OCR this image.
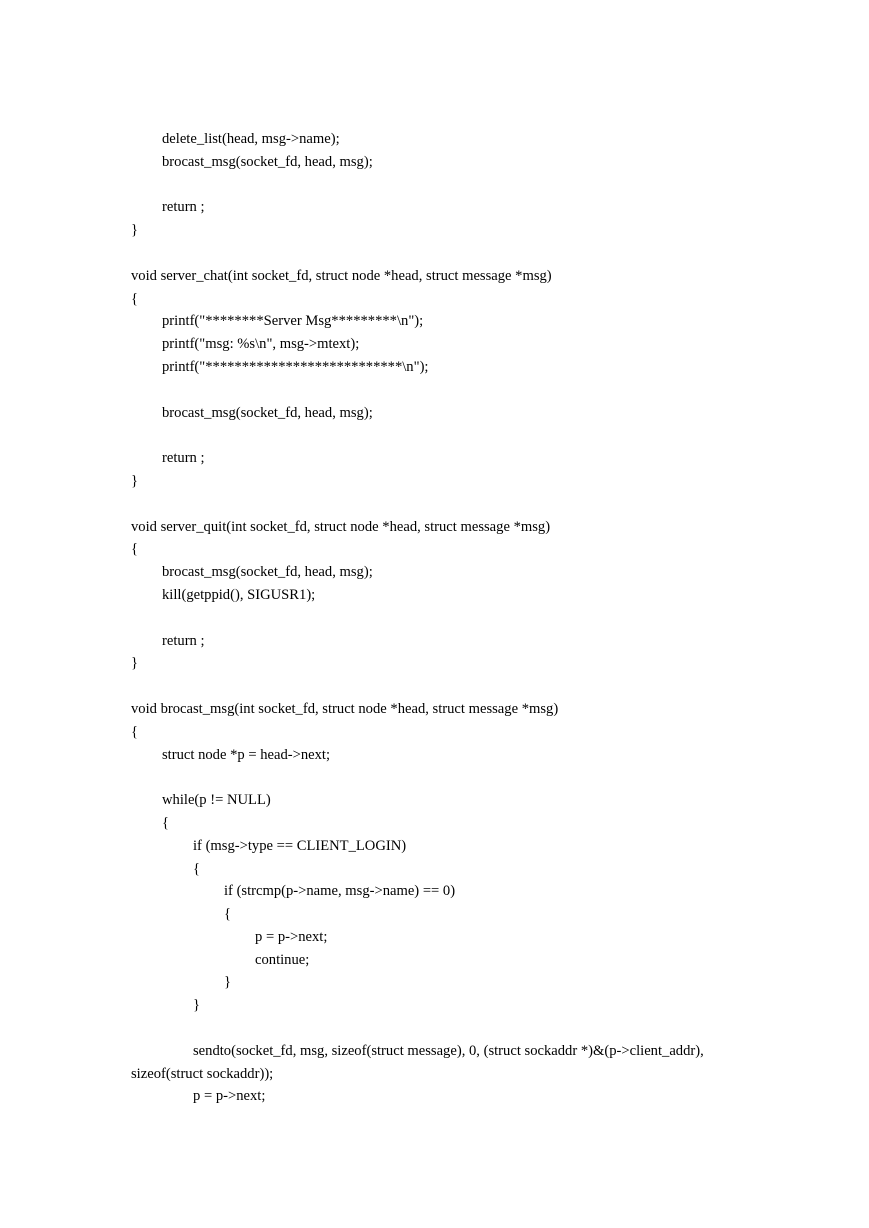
delete_list(head, msg->name);
brocast_msg(socket_fd, head, msg);
return ;
}
void server_chat(int socket_fd, struct node *head, struct message *msg)
{
printf("********Server Msg*********\n");
printf("msg: %s\n", msg->mtext);
printf("***************************\n");
brocast_msg(socket_fd, head, msg);
return ;
}
void server_quit(int socket_fd, struct node *head, struct message *msg)
{
brocast_msg(socket_fd, head, msg);
kill(getppid(), SIGUSR1);
return ;
}
void brocast_msg(int socket_fd, struct node *head, struct message *msg)
{
struct node *p = head->next;
while(p != NULL)
{
if (msg->type == CLIENT_LOGIN)
{
if (strcmp(p->name, msg->name) == 0)
{
p = p->next;
continue;
}
}
sendto(socket_fd, msg, sizeof(struct message), 0, (struct sockaddr *)&(p->client_addr),
sizeof(struct sockaddr));
p = p->next;
